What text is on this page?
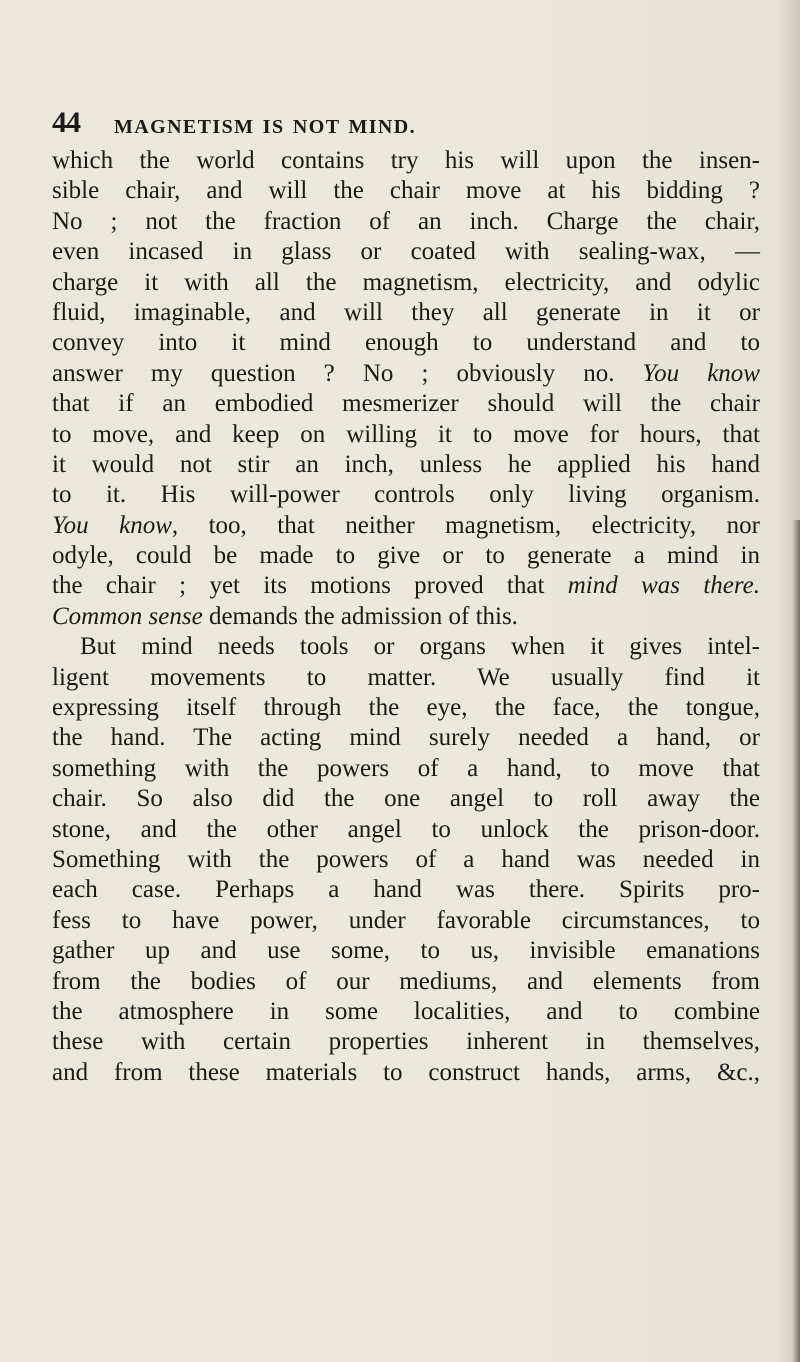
44 MAGNETISM IS NOT MIND.
which the world contains try his will upon the insen-
sible chair, and will the chair move at his bidding ?
No ; not the fraction of an inch. Charge the chair,
even incased in glass or coated with sealing-wax, —
charge it with all the magnetism, electricity, and odylic
fluid, imaginable, and will they all generate in it or
convey into it mind enough to understand and to
answer my question ? No ; obviously no. You know
that if an embodied mesmerizer should will the chair
to move, and keep on willing it to move for hours, that
it would not stir an inch, unless he applied his hand
to it. His will-power controls only living organism.
You know, too, that neither magnetism, electricity, nor
odyle, could be made to give or to generate a mind in
the chair ; yet its motions proved that mind was there.
Common sense demands the admission of this.
But mind needs tools or organs when it gives intel-
ligent movements to matter. We usually find it
expressing itself through the eye, the face, the tongue,
the hand. The acting mind surely needed a hand, or
something with the powers of a hand, to move that
chair. So also did the one angel to roll away the
stone, and the other angel to unlock the prison-door.
Something with the powers of a hand was needed in
each case. Perhaps a hand was there. Spirits pro-
fess to have power, under favorable circumstances, to
gather up and use some, to us, invisible emanations
from the bodies of our mediums, and elements from
the atmosphere in some localities, and to combine
these with certain properties inherent in themselves,
and from these materials to construct hands, arms, &c.,
